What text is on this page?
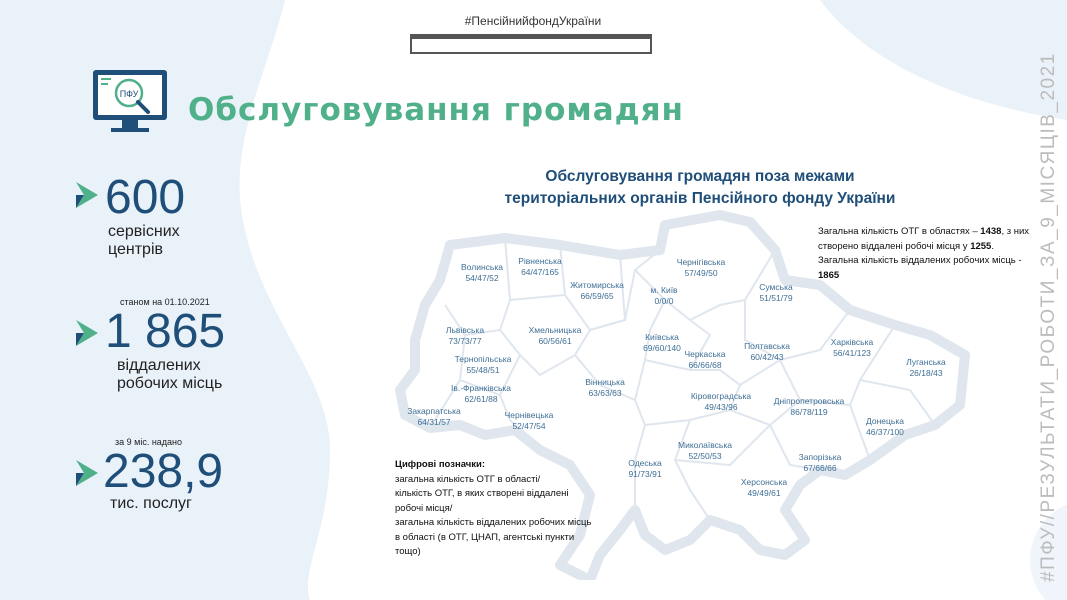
#ПенсійнийфондУкраїни
ПФУ Обслуговування громадян
600
сервісних
центрів
станом на 01.10.2021
1 865
віддалених
робочих місць
за 9 міс. надано
238,9
тис. послуг
Обслуговування громадян поза межами
територіальних органів Пенсійного фонду України
Волинська
54/47/52
Рівненська
64/47/165
Житомирська
66/59/65
м. Київ
0/0/0
Чернігівська
57/49/50
Сумська
51/51/79
Львівська
73/73/77
Хмельницька
60/56/61	Київська
69/60/140	Полтавська
60/42/43
Харківська
56/41/123
Тернопільська
55/48/51
Черкаська
66/66/68	Луганська
26/18/43
Вінницька
63/63/63
Ів.-Франківська
62/61/88	Кіровоградська
49/43/96
Дніпропетровська
86/78/119
Закарпатська
64/31/57
Чернівецька
52/47/54	Донецька
46/37/100
Миколаївська
52/50/53
Одеська
91/73/91
Запорізька
67/66/66
Херсонська
49/49/61
Загальна кількість ОТГ в областях – 1438, з них створено віддалені робочі місця у 1255. Загальна кількість віддалених робочих місць - 1865
Цифрові позначки:
загальна кількість ОТГ в області/
кількість ОТГ, в яких створені віддалені робочі місця/
загальна кількість віддалених робочих місць в області (в ОТГ, ЦНАП, агентські пункти тощо)	#ПФУ//РЕЗУЛЬТАТИ_РОБОТИ_ЗА_9_МІСЯЦІВ_2021
